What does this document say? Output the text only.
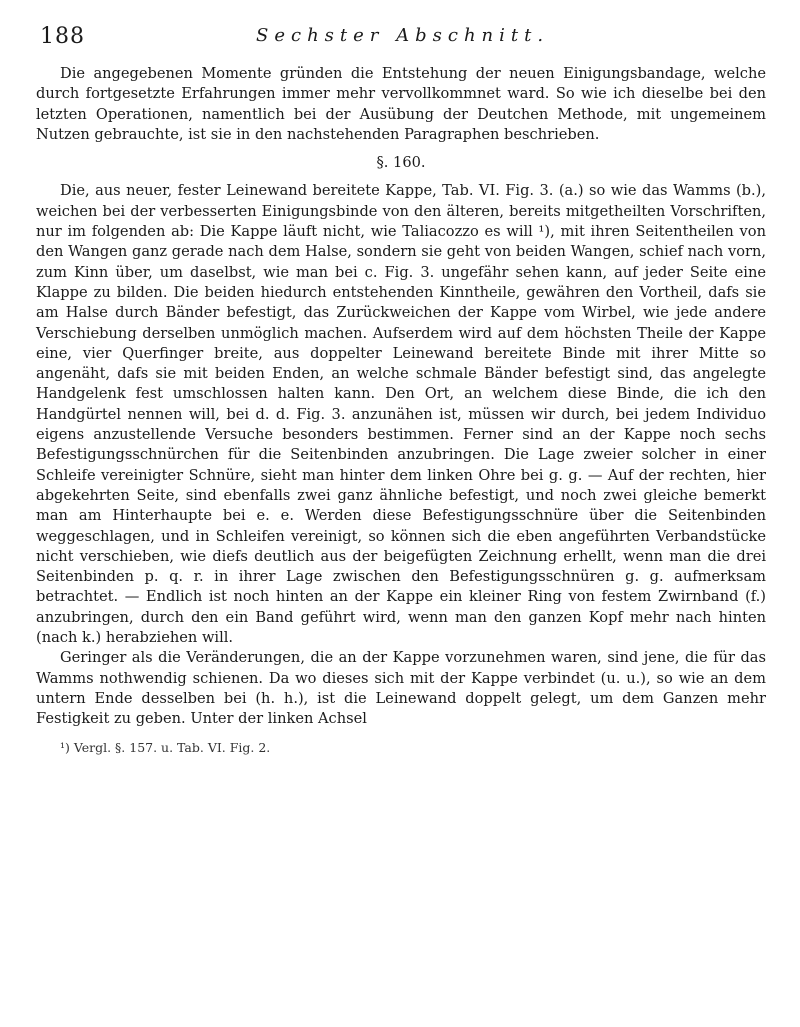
188	Sechster Abschnitt.

Die angegebenen Momente gründen die Entstehung der neuen Einigungsbandage, welche durch fortgesetzte Erfahrungen immer mehr vervollkommnet ward. So wie ich dieselbe bei den letzten Operationen, namentlich bei der Ausübung der Deutchen Methode, mit ungemeinem Nutzen gebrauchte, ist sie in den nachstehenden Paragraphen beschrieben.

§. 160.

Die, aus neuer, fester Leinewand bereitete Kappe, Tab. VI. Fig. 3. (a.) so wie das Wamms (b.), weichen bei der verbesserten Einigungsbinde von den älteren, bereits mitgetheilten Vorschriften, nur im folgenden ab: Die Kappe läuft nicht, wie Taliacozzo es will ¹), mit ihren Seitentheilen von den Wangen ganz gerade nach dem Halse, sondern sie geht von beiden Wangen, schief nach vorn, zum Kinn über, um daselbst, wie man bei c. Fig. 3. ungefähr sehen kann, auf jeder Seite eine Klappe zu bilden. Die beiden hiedurch entstehenden Kinntheile, gewähren den Vortheil, dafs sie am Halse durch Bänder befestigt, das Zurückweichen der Kappe vom Wirbel, wie jede andere Verschiebung derselben unmöglich machen. Aufserdem wird auf dem höchsten Theile der Kappe eine, vier Querfinger breite, aus doppelter Leinewand bereitete Binde mit ihrer Mitte so angenäht, dafs sie mit beiden Enden, an welche schmale Bänder befestigt sind, das angelegte Handgelenk fest umschlossen halten kann. Den Ort, an welchem diese Binde, die ich den Handgürtel nennen will, bei d. d. Fig. 3. anzunähen ist, müssen wir durch, bei jedem Individuo eigens anzustellende Versuche besonders bestimmen. Ferner sind an der Kappe noch sechs Befestigungsschnürchen für die Seitenbinden anzubringen. Die Lage zweier solcher in einer Schleife vereinigter Schnüre, sieht man hinter dem linken Ohre bei g. g. — Auf der rechten, hier abgekehrten Seite, sind ebenfalls zwei ganz ähnliche befestigt, und noch zwei gleiche bemerkt man am Hinterhaupte bei e. e. Werden diese Befestigungsschnüre über die Seitenbinden weggeschlagen, und in Schleifen vereinigt, so können sich die eben angeführten Verbandstücke nicht verschieben, wie diefs deutlich aus der beigefügten Zeichnung erhellt, wenn man die drei Seitenbinden p. q. r. in ihrer Lage zwischen den Befestigungsschnüren g. g. aufmerksam betrachtet. — Endlich ist noch hinten an der Kappe ein kleiner Ring von festem Zwirnband (f.) anzubringen, durch den ein Band geführt wird, wenn man den ganzen Kopf mehr nach hinten (nach k.) herabziehen will.

Geringer als die Veränderungen, die an der Kappe vorzunehmen waren, sind jene, die für das Wamms nothwendig schienen. Da wo dieses sich mit der Kappe verbindet (u. u.), so wie an dem untern Ende desselben bei (h. h.), ist die Leinewand doppelt gelegt, um dem Ganzen mehr Festigkeit zu geben. Unter der linken Achsel

¹) Vergl. §. 157. u. Tab. VI. Fig. 2.
